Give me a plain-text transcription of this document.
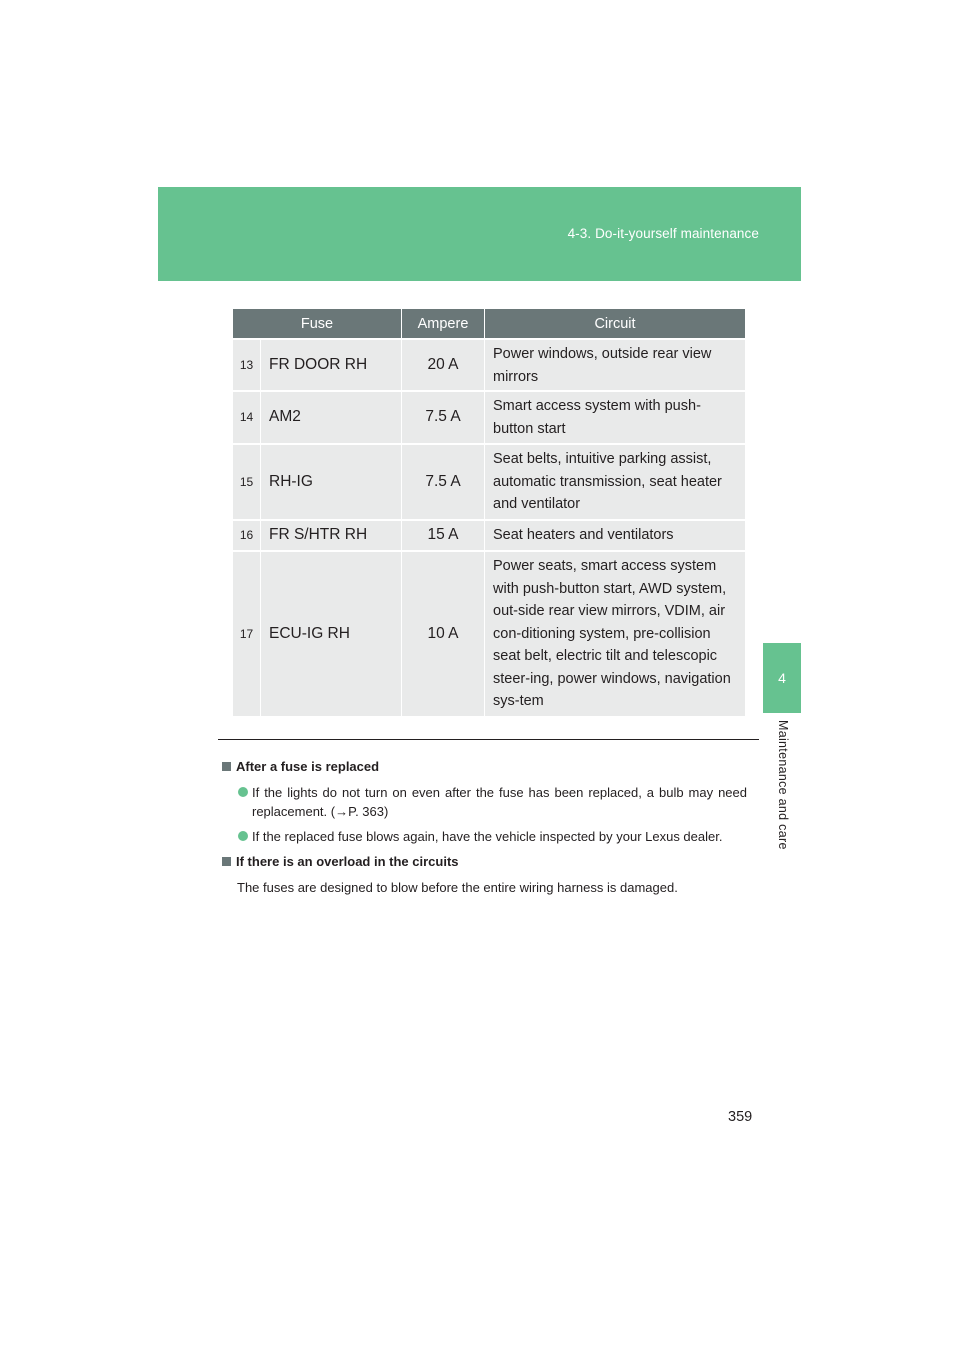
4-3. Do-it-yourself maintenance
4
Maintenance and care
Fuse		Ampere	Circuit
13	FR DOOR RH	20 A	Power windows, outside rear view mirrors
14	AM2	7.5 A	Smart access system with push-button start
15	RH-IG	7.5 A	Seat belts, intuitive parking assist, automatic transmission, seat heater and ventilator
16	FR S/HTR RH	15 A	Seat heaters and ventilators
17	ECU-IG RH	10 A	Power seats, smart access system with push-button start, AWD system, out-side rear view mirrors, VDIM, air con-ditioning system, pre-collision seat belt, electric tilt and telescopic steer-ing, power windows, navigation sys-tem
After a fuse is replaced
If the lights do not turn on even after the fuse has been replaced, a bulb may need replacement. (→P. 363)
If the replaced fuse blows again, have the vehicle inspected by your Lexus dealer.
If there is an overload in the circuits
The fuses are designed to blow before the entire wiring harness is damaged.
359
